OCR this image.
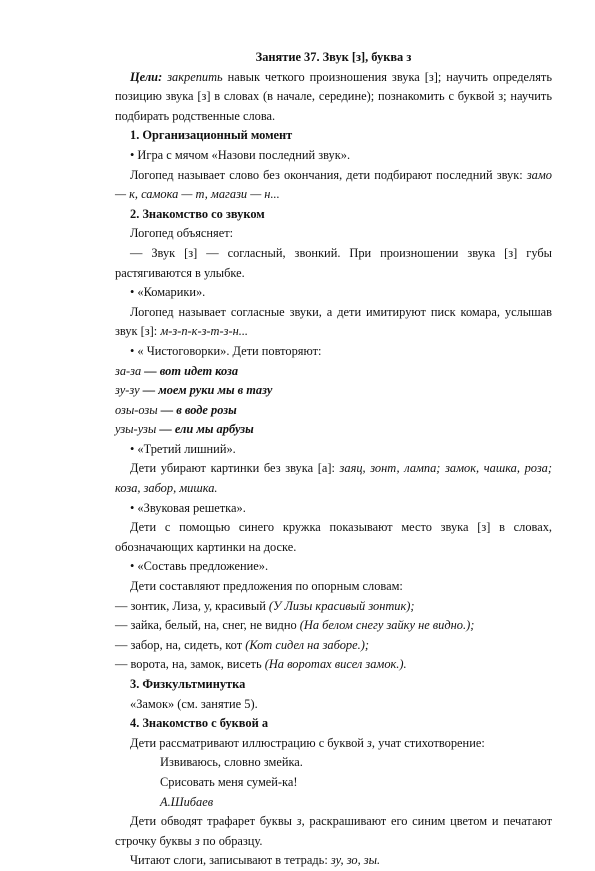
Занятие 37. Звук [з], буква з

Цели: закрепить навык четкого произношения звука [з]; научить определять позицию звука [з] в словах (в начале, середине); познакомить с буквой з; научить подбирать родственные слова.

1. Организационный момент

• Игра с мячом «Назови последний звук».

Логопед называет слово без окончания, дети подбирают последний звук: замо — к, самока — т, магази — н...

2. Знакомство со звуком

Логопед объясняет:

— Звук [з] — согласный, звонкий. При произношении звука [з] губы растягиваются в улыбке.

• «Комарики».

Логопед называет согласные звуки, а дети имитируют писк комара, услышав звук [з]: м-з-п-к-з-т-з-н...

• « Чистоговорки». Дети повторяют:

за-за — вот идет коза

зу-зу — моем руки мы в тазу

озы-озы — в воде розы

узы-узы — ели мы арбузы

• «Третий лишний».

Дети убирают картинки без звука [а]: заяц, зонт, лампа; замок, чашка, роза; коза, забор, мишка.

• «Звуковая решетка».

Дети с помощью синего кружка показывают место звука [з] в словах, обозначающих картинки на доске.

• «Составь предложение».

Дети составляют предложения по опорным словам:

— зонтик, Лиза, у, красивый (У Лизы красивый зонтик);

— зайка, белый, на, снег, не видно (На белом снегу зайку не видно.);

— забор, на, сидеть, кот (Кот сидел на заборе.);

— ворота, на, замок, висеть (На воротах висел замок.).

3. Физкультминутка

«Замок» (см. занятие 5).

4. Знакомство с буквой а

Дети рассматривают иллюстрацию с буквой з, учат стихотворение:

Извиваюсь, словно змейка.

Срисовать меня сумей-ка!

А.Шибаев

Дети обводят трафарет буквы з, раскрашивают его синим цветом и печатают строчку буквы з по образцу.

Читают слоги, записывают в тетрадь: зу, зо, зы.
